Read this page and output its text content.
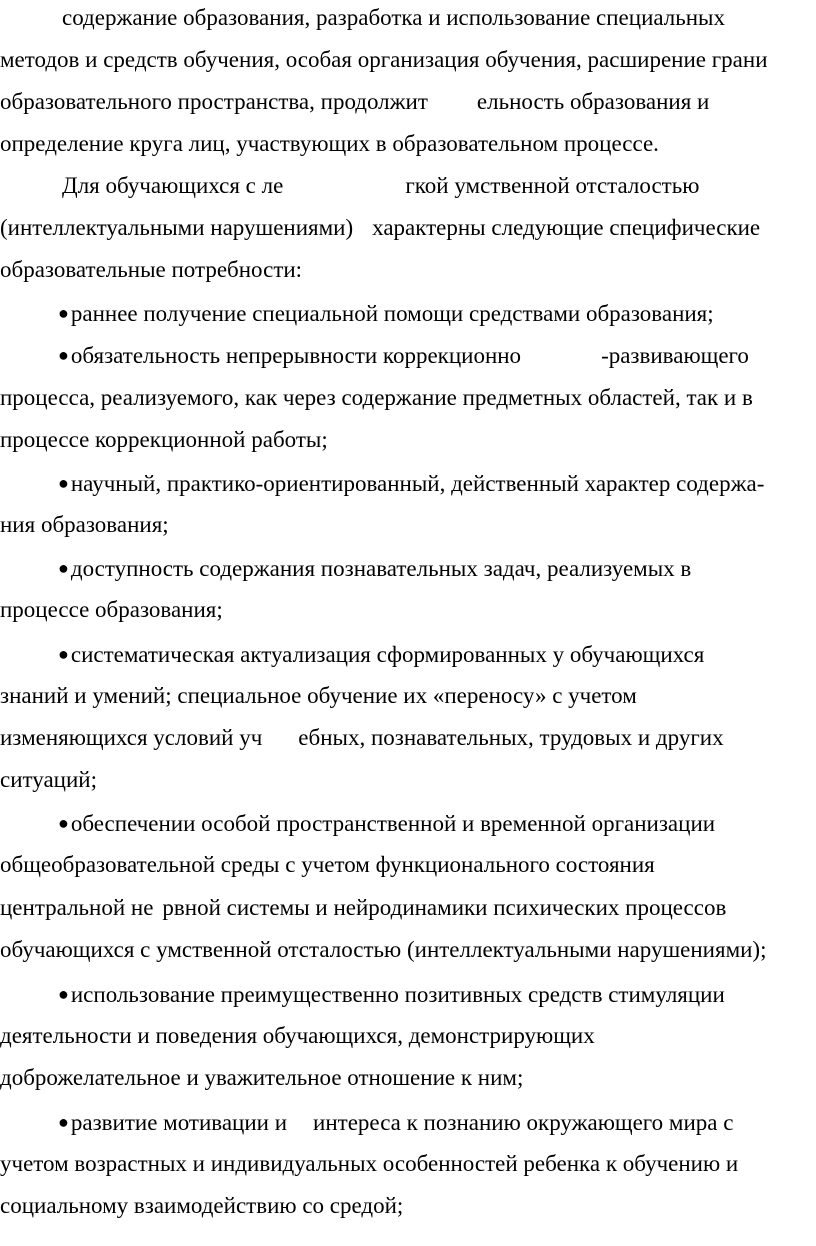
содержание образования, разработка и использование специальных
методов и средств обучения, особая организация обучения, расширение грани
образовательного пространства, продолжит ельность образования и
определение круга лиц, участвующих в образовательном процессе.
Для обучающихся с ле	гкой умственной отсталостью
(интеллектуальными нарушениями) характерны следующие специфические
образовательные потребности:
●раннее получение специальной помощи средствами образования;
●обязательность непрерывности коррекционно	-развивающего
процесса, реализуемого, как через содержание предметных областей, так и в
процессе коррекционной работы;
●научный, практико-ориентированный, действенный характер содержа-
ния образования;
●доступность содержания познавательных задач, реализуемых в
процессе образования;
●систематическая актуализация сформированных у обучающихся
знаний и умений; специальное обучение их «переносу» с учетом
изменяющихся условий уч ебных, познавательных, трудовых и других
ситуаций;
●обеспечении особой пространственной и временной организации
общеобразовательной среды с учетом функционального состояния
центральной не рвной системы и нейродинамики психических процессов
обучающихся с умственной отсталостью (интеллектуальными нарушениями);
●использование преимущественно позитивных средств стимуляции
деятельности и поведения обучающихся, демонстрирующих
доброжелательное и уважительное отношение к ним;
●развитие мотивации и интереса к познанию окружающего мира с
учетом возрастных и индивидуальных особенностей ребенка к обучению и
социальному взаимодействию со средой;
